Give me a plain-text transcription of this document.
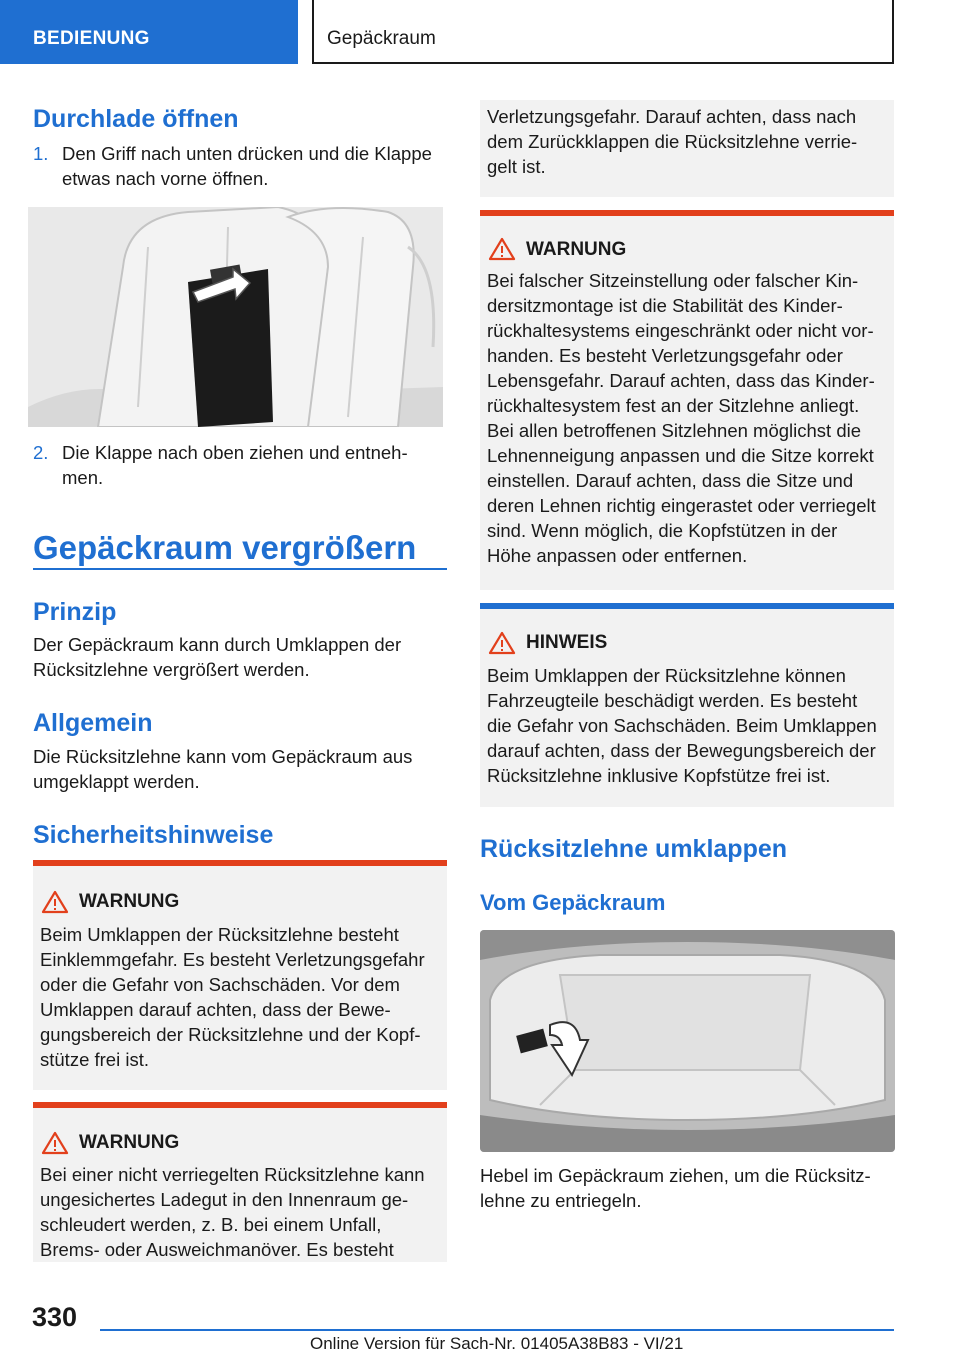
BEDIENUNG	Gepäckraum

Durchlade öffnen

1. Den Griff nach unten drücken und die Klappe
etwas nach vorne öffnen.
2. Die Klappe nach oben ziehen und entneh-
men.

Gepäckraum vergrößern

Prinzip

Der Gepäckraum kann durch Umklappen der

Rücksitzlehne vergrößert werden.

Allgemein

Die Rücksitzlehne kann vom Gepäckraum aus

umgeklappt werden.

Sicherheitshinweise

WARNUNG
Beim Umklappen der Rücksitzlehne besteht
Einklemmgefahr. Es besteht Verletzungsgefahr
oder die Gefahr von Sachschäden. Vor dem
Umklappen darauf achten, dass der Bewe-
gungsbereich der Rücksitzlehne und der Kopf-
stütze frei ist.
WARNUNG
Bei einer nicht verriegelten Rücksitzlehne kann
ungesichertes Ladegut in den Innenraum ge-
schleudert werden, z. B. bei einem Unfall,
Brems- oder Ausweichmanöver. Es besteht
Verletzungsgefahr. Darauf achten, dass nach
dem Zurückklappen die Rücksitzlehne verrie-
gelt ist.
WARNUNG
Bei falscher Sitzeinstellung oder falscher Kin-
dersitzmontage ist die Stabilität des Kinder-
rückhaltesystems eingeschränkt oder nicht vor-
handen. Es besteht Verletzungsgefahr oder
Lebensgefahr. Darauf achten, dass das Kinder-
rückhaltesystem fest an der Sitzlehne anliegt.
Bei allen betroffenen Sitzlehnen möglichst die
Lehnenneigung anpassen und die Sitze korrekt
einstellen. Darauf achten, dass die Sitze und
deren Lehnen richtig eingerastet oder verriegelt
sind. Wenn möglich, die Kopfstützen in der
Höhe anpassen oder entfernen.
HINWEIS
Beim Umklappen der Rücksitzlehne können
Fahrzeugteile beschädigt werden. Es besteht
die Gefahr von Sachschäden. Beim Umklappen
darauf achten, dass der Bewegungsbereich der
Rücksitzlehne inklusive Kopfstütze frei ist.

Rücksitzlehne umklappen

Vom Gepäckraum

Hebel im Gepäckraum ziehen, um die Rücksitz-

lehne zu entriegeln.

330
Online Version für Sach-Nr. 01405A38B83 - VI/21
